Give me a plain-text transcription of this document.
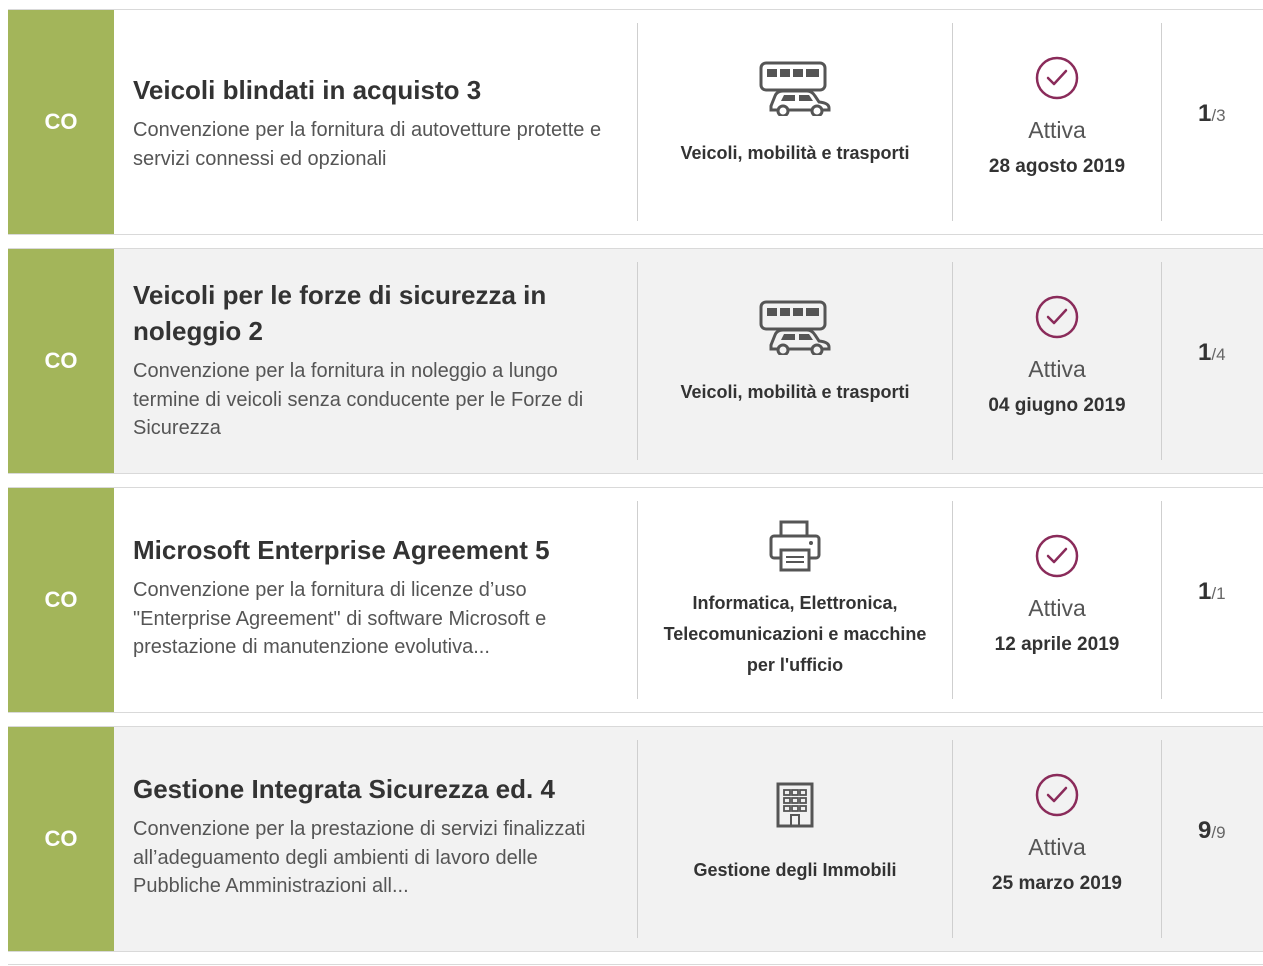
CO
Veicoli blindati in acquisto 3
Convenzione per la fornitura di autovetture protette e servizi connessi ed opzionali	Veicoli, mobilità e trasporti
Attiva
28 agosto 2019
1/3
CO
Veicoli per le forze di sicurezza in noleggio 2
Convenzione per la fornitura in noleggio a lungo termine di veicoli senza conducente per le Forze di Sicurezza
Veicoli, mobilità e trasporti
Attiva
04 giugno 2019
1/4
CO
Microsoft Enterprise Agreement 5
Convenzione per la fornitura di licenze d’uso "Enterprise Agreement" di software Microsoft e prestazione di manutenzione evolutiva...
Informatica, Elettronica, Telecomunicazioni e macchine per l'ufficio
Attiva
12 aprile 2019
1/1
CO
Gestione Integrata Sicurezza ed. 4
Convenzione per la prestazione di servizi finalizzati all’adeguamento degli ambienti di lavoro delle Pubbliche Amministrazioni all...
Gestione degli Immobili
Attiva
25 marzo 2019
9/9
